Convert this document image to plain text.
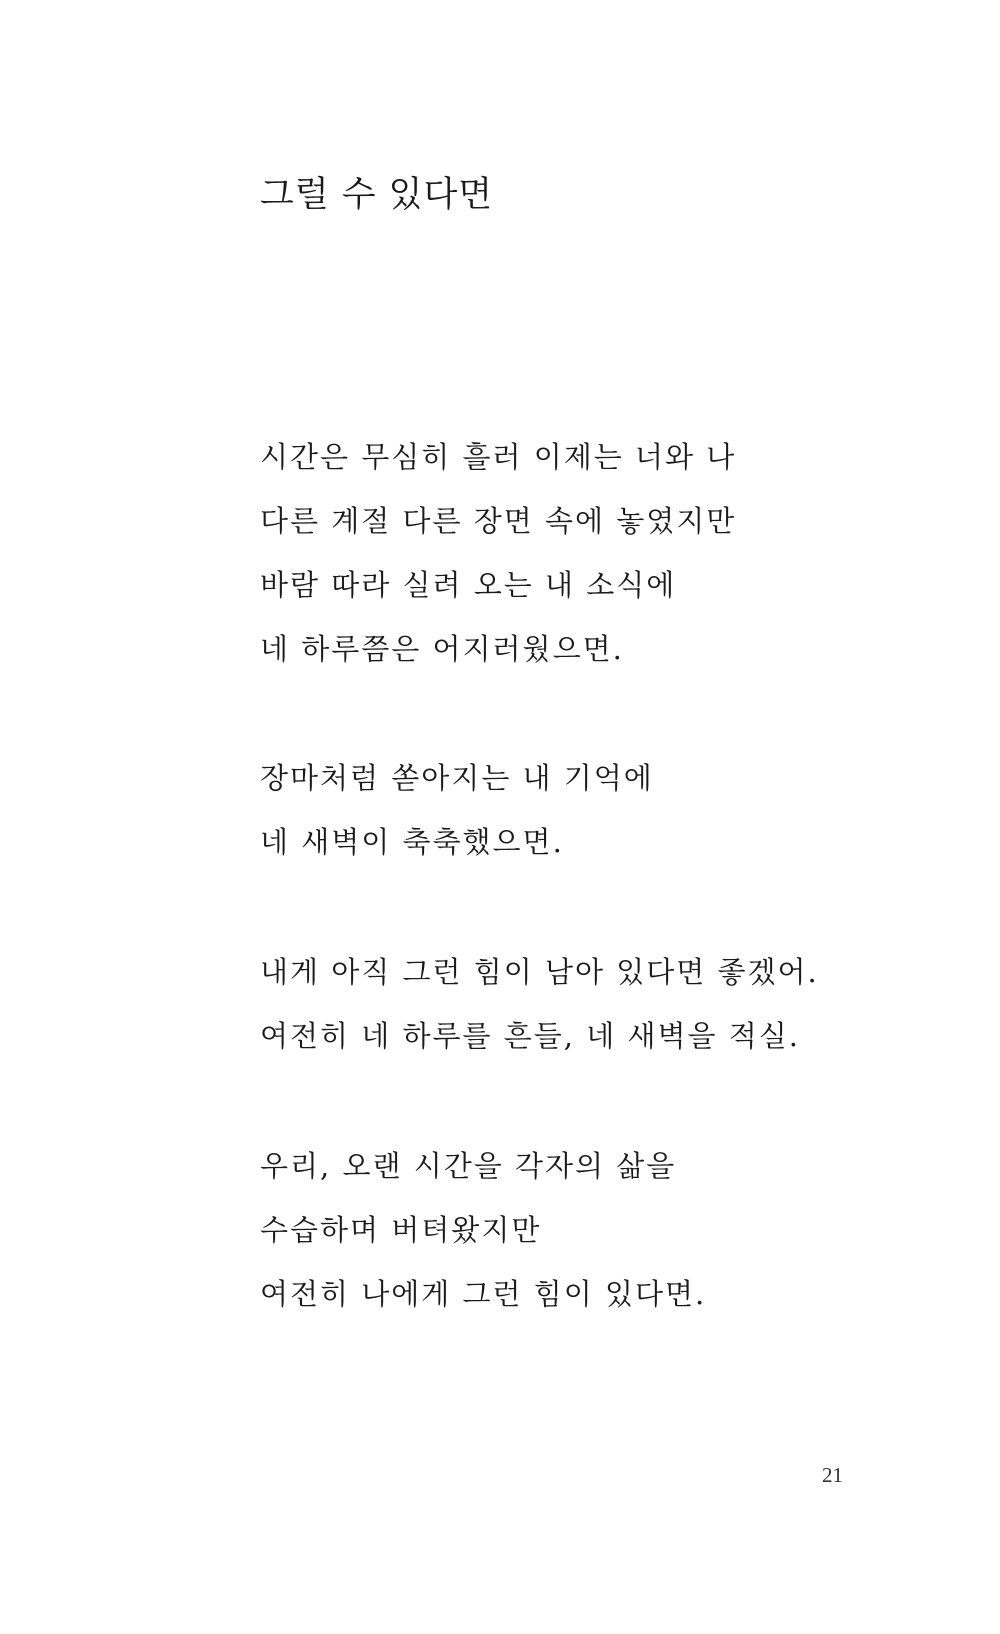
그럴 수 있다면

시간은 무심히 흘러 이제는 너와 나

다른 계절 다른 장면 속에 놓였지만

바람 따라 실려 오는 내 소식에

네 하루쯤은 어지러웠으면.

장마처럼 쏟아지는 내 기억에

네 새벽이 축축했으면.

내게 아직 그런 힘이 남아 있다면 좋겠어.

여전히 네 하루를 흔들, 네 새벽을 적실.

우리, 오랜 시간을 각자의 삶을

수습하며 버텨왔지만

여전히 나에게 그런 힘이 있다면.

21
